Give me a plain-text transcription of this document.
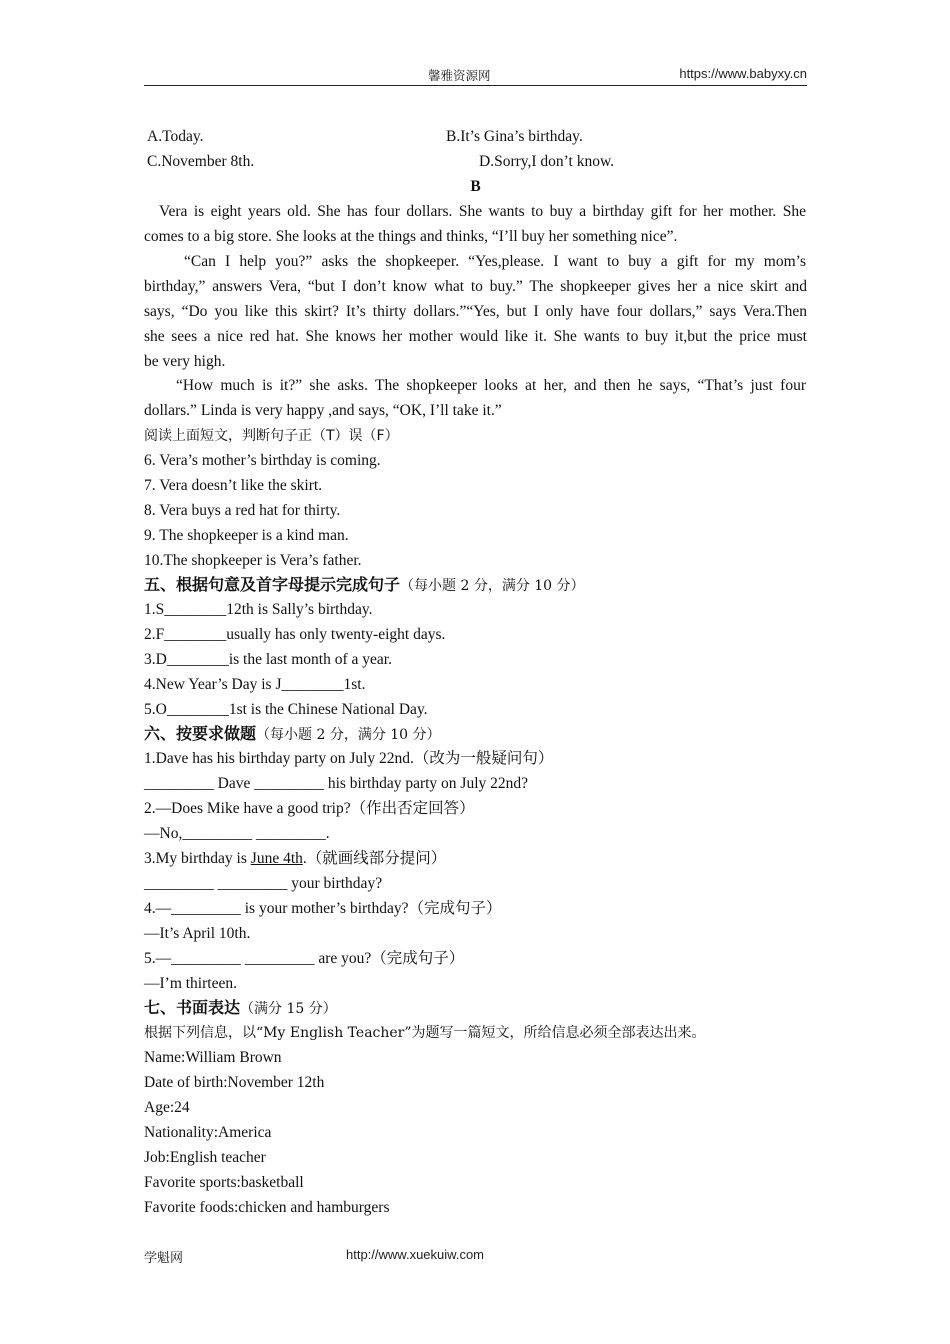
馨雅资源网	https://www.babyxy.cn
A.Today.	B.It’s Gina’s birthday.
C.November 8th.	D.Sorry,I don’t know.
B
Vera is eight years old. She has four dollars. She wants to buy a birthday gift for her mother. She
comes to a big store. She looks at the things and thinks, “I’ll buy her something nice”.
“Can I help you?” asks the shopkeeper. “Yes,please. I want to buy a gift for my mom’s
birthday,” answers Vera, “but I don’t know what to buy.” The shopkeeper gives her a nice skirt and
says, “Do you like this skirt? It’s thirty dollars.”“Yes, but I only have four dollars,” says Vera.Then
she sees a nice red hat. She knows her mother would like it. She wants to buy it,but the price must
be very high.
“How much is it?” she asks. The shopkeeper looks at her, and then he says, “That’s just four
dollars.” Linda is very happy ,and says, “OK, I’ll take it.”
阅读上面短文，判断句子正（T）误（F）
6. Vera’s mother’s birthday is coming.
7. Vera doesn’t like the skirt.
8. Vera buys a red hat for thirty.
9. The shopkeeper is a kind man.
10.The shopkeeper is Vera’s father.
五、根据句意及首字母提示完成句子（每小题 2 分，满分 10 分）
1.S________12th is Sally’s birthday.
2.F________usually has only twenty-eight days.
3.D________is the last month of a year.
4.New Year’s Day is J________1st.
5.O________1st is the Chinese National Day.
六、按要求做题（每小题 2 分，满分 10 分）
1.Dave has his birthday party on July 22nd.（改为一般疑问句）
_________ Dave _________ his birthday party on July 22nd?
2.—Does Mike have a good trip?（作出否定回答）
—No,_________ _________.
3.My birthday is June 4th.（就画线部分提问）
_________ _________ your birthday?
4.—_________ is your mother’s birthday?（完成句子）
—It’s April 10th.
5.—_________ _________ are you?（完成句子）
—I’m thirteen.
七、书面表达（满分 15 分）
根据下列信息，以“My English Teacher”为题写一篇短文，所给信息必须全部表达出来。
Name:William Brown
Date of birth:November 12th
Age:24
Nationality:America
Job:English teacher
Favorite sports:basketball
Favorite foods:chicken and hamburgers
学魁网	http://www.xuekuiw.com
